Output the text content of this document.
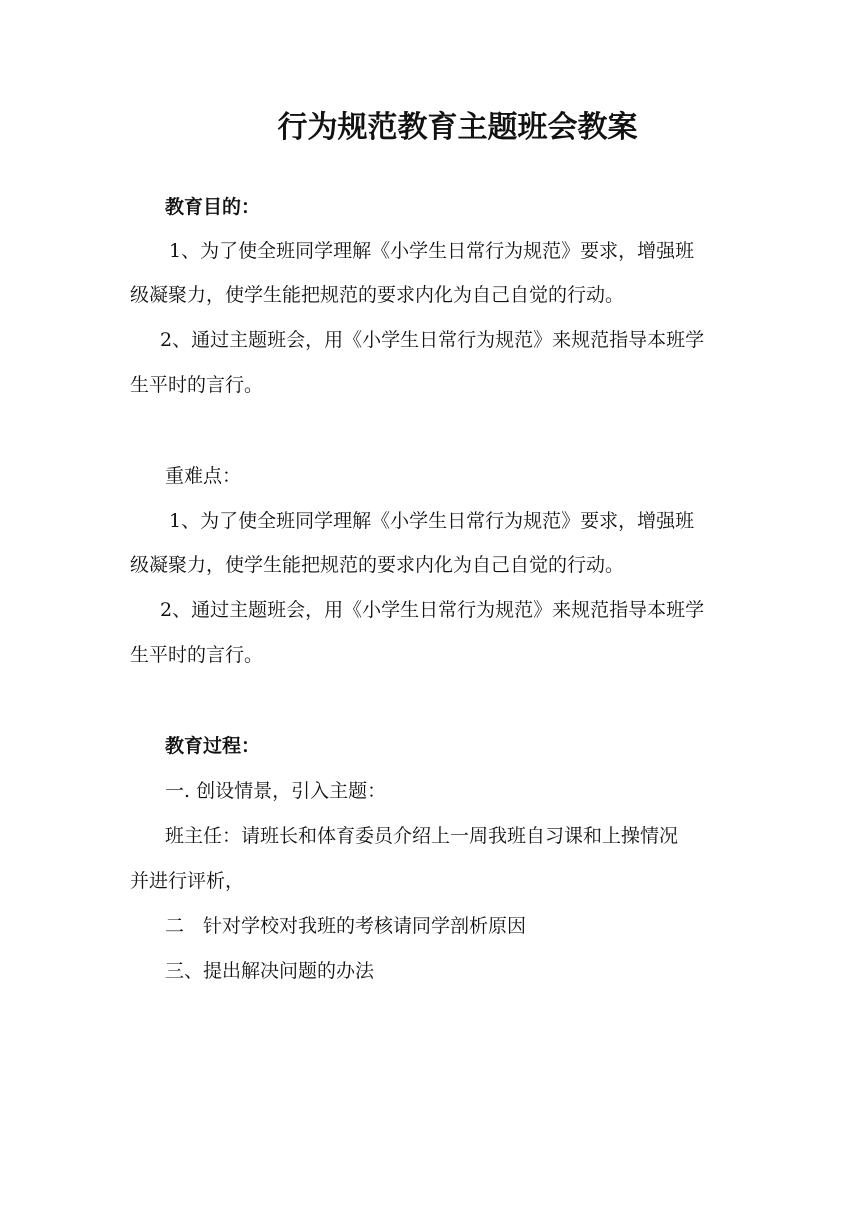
行为规范教育主题班会教案

教育目的：

1、为了使全班同学理解《小学生日常行为规范》要求，增强班

级凝聚力，使学生能把规范的要求内化为自己自觉的行动。

2、通过主题班会，用《小学生日常行为规范》来规范指导本班学

生平时的言行。

重难点：

1、为了使全班同学理解《小学生日常行为规范》要求，增强班

级凝聚力，使学生能把规范的要求内化为自己自觉的行动。

2、通过主题班会，用《小学生日常行为规范》来规范指导本班学

生平时的言行。

教育过程：

一. 创设情景，引入主题：

班主任：请班长和体育委员介绍上一周我班自习课和上操情况

并进行评析，

二　针对学校对我班的考核请同学剖析原因

三、提出解决问题的办法
